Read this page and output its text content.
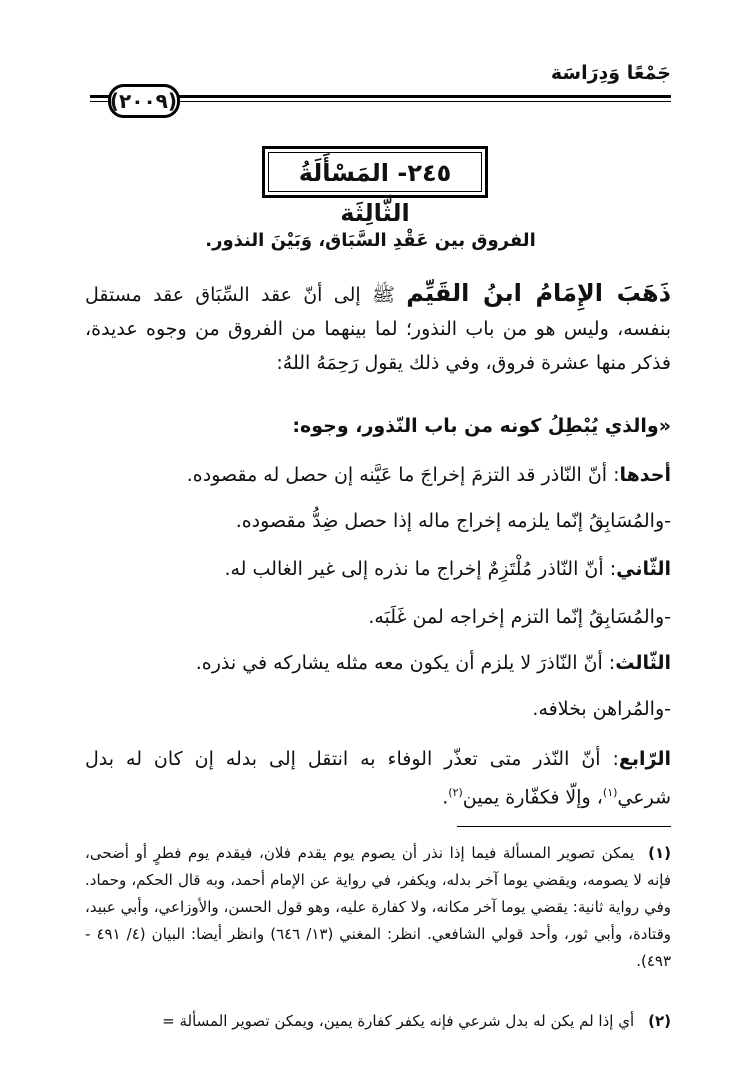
جَمْعًا وَدِرَاسَة
(٢٠٠٩)
٢٤٥- المَسْأَلَةُ الثَّالِثَة
الفروق بين عَقْدِ السَّبَاق، وَبَيْنَ النذور.
ذَهَبَ الإِمَامُ ابنُ القَيِّم ﷺ إلى أنّ عقد السِّبَاق عقد مستقل بنفسه، وليس هو من باب النذور؛ لما بينهما من الفروق من وجوه عديدة، فذكر منها عشرة فروق، وفي ذلك يقول رَحِمَهُ اللهُ:
«والذي يُبْطِلُ كونه من باب النّذور، وجوه:
أحدها: أنّ النّاذر قد التزمَ إخراجَ ما عَيَّنه إن حصل له مقصوده.
-والمُسَابِقُ إنّما يلزمه إخراج ماله إذا حصل ضِدُّ مقصوده.
الثّاني: أنّ النّاذر مُلْتَزِمٌ إخراج ما نذره إلى غير الغالب له.
-والمُسَابِقُ إنّما التزم إخراجه لمن غَلَبَه.
الثّالث: أنّ النّاذرَ لا يلزم أن يكون معه مثله يشاركه في نذره.
-والمُراهن بخلافه.
الرّابع: أنّ النّذر متى تعذّر الوفاء به انتقل إلى بدله إن كان له بدل شرعي$^{(١)}$، وإلّا فكفّارة يمين$^{(٢)}$.
(١)يمكن تصوير المسألة فيما إذا نذر أن يصوم يوم يقدم فلان، فيقدم يوم فطرٍ أو أضحى، فإنه لا يصومه، ويقضي يوما آخر بدله، ويكفر، في رواية عن الإمام أحمد، وبه قال الحكم، وحماد. وفي رواية ثانية: يقضي يوما آخر مكانه، ولا كفارة عليه، وهو قول الحسن، والأوزاعي، وأبي عبيد، وقتادة، وأبي ثور، وأحد قولي الشافعي. انظر: المغني (١٣/ ٦٤٦) وانظر أيضا: البيان (٤/ ٤٩١ - ٤٩٣).
(٢)أي إذا لم يكن له بدل شرعي فإنه يكفر كفارة يمين، ويمكن تصوير المسألة =
